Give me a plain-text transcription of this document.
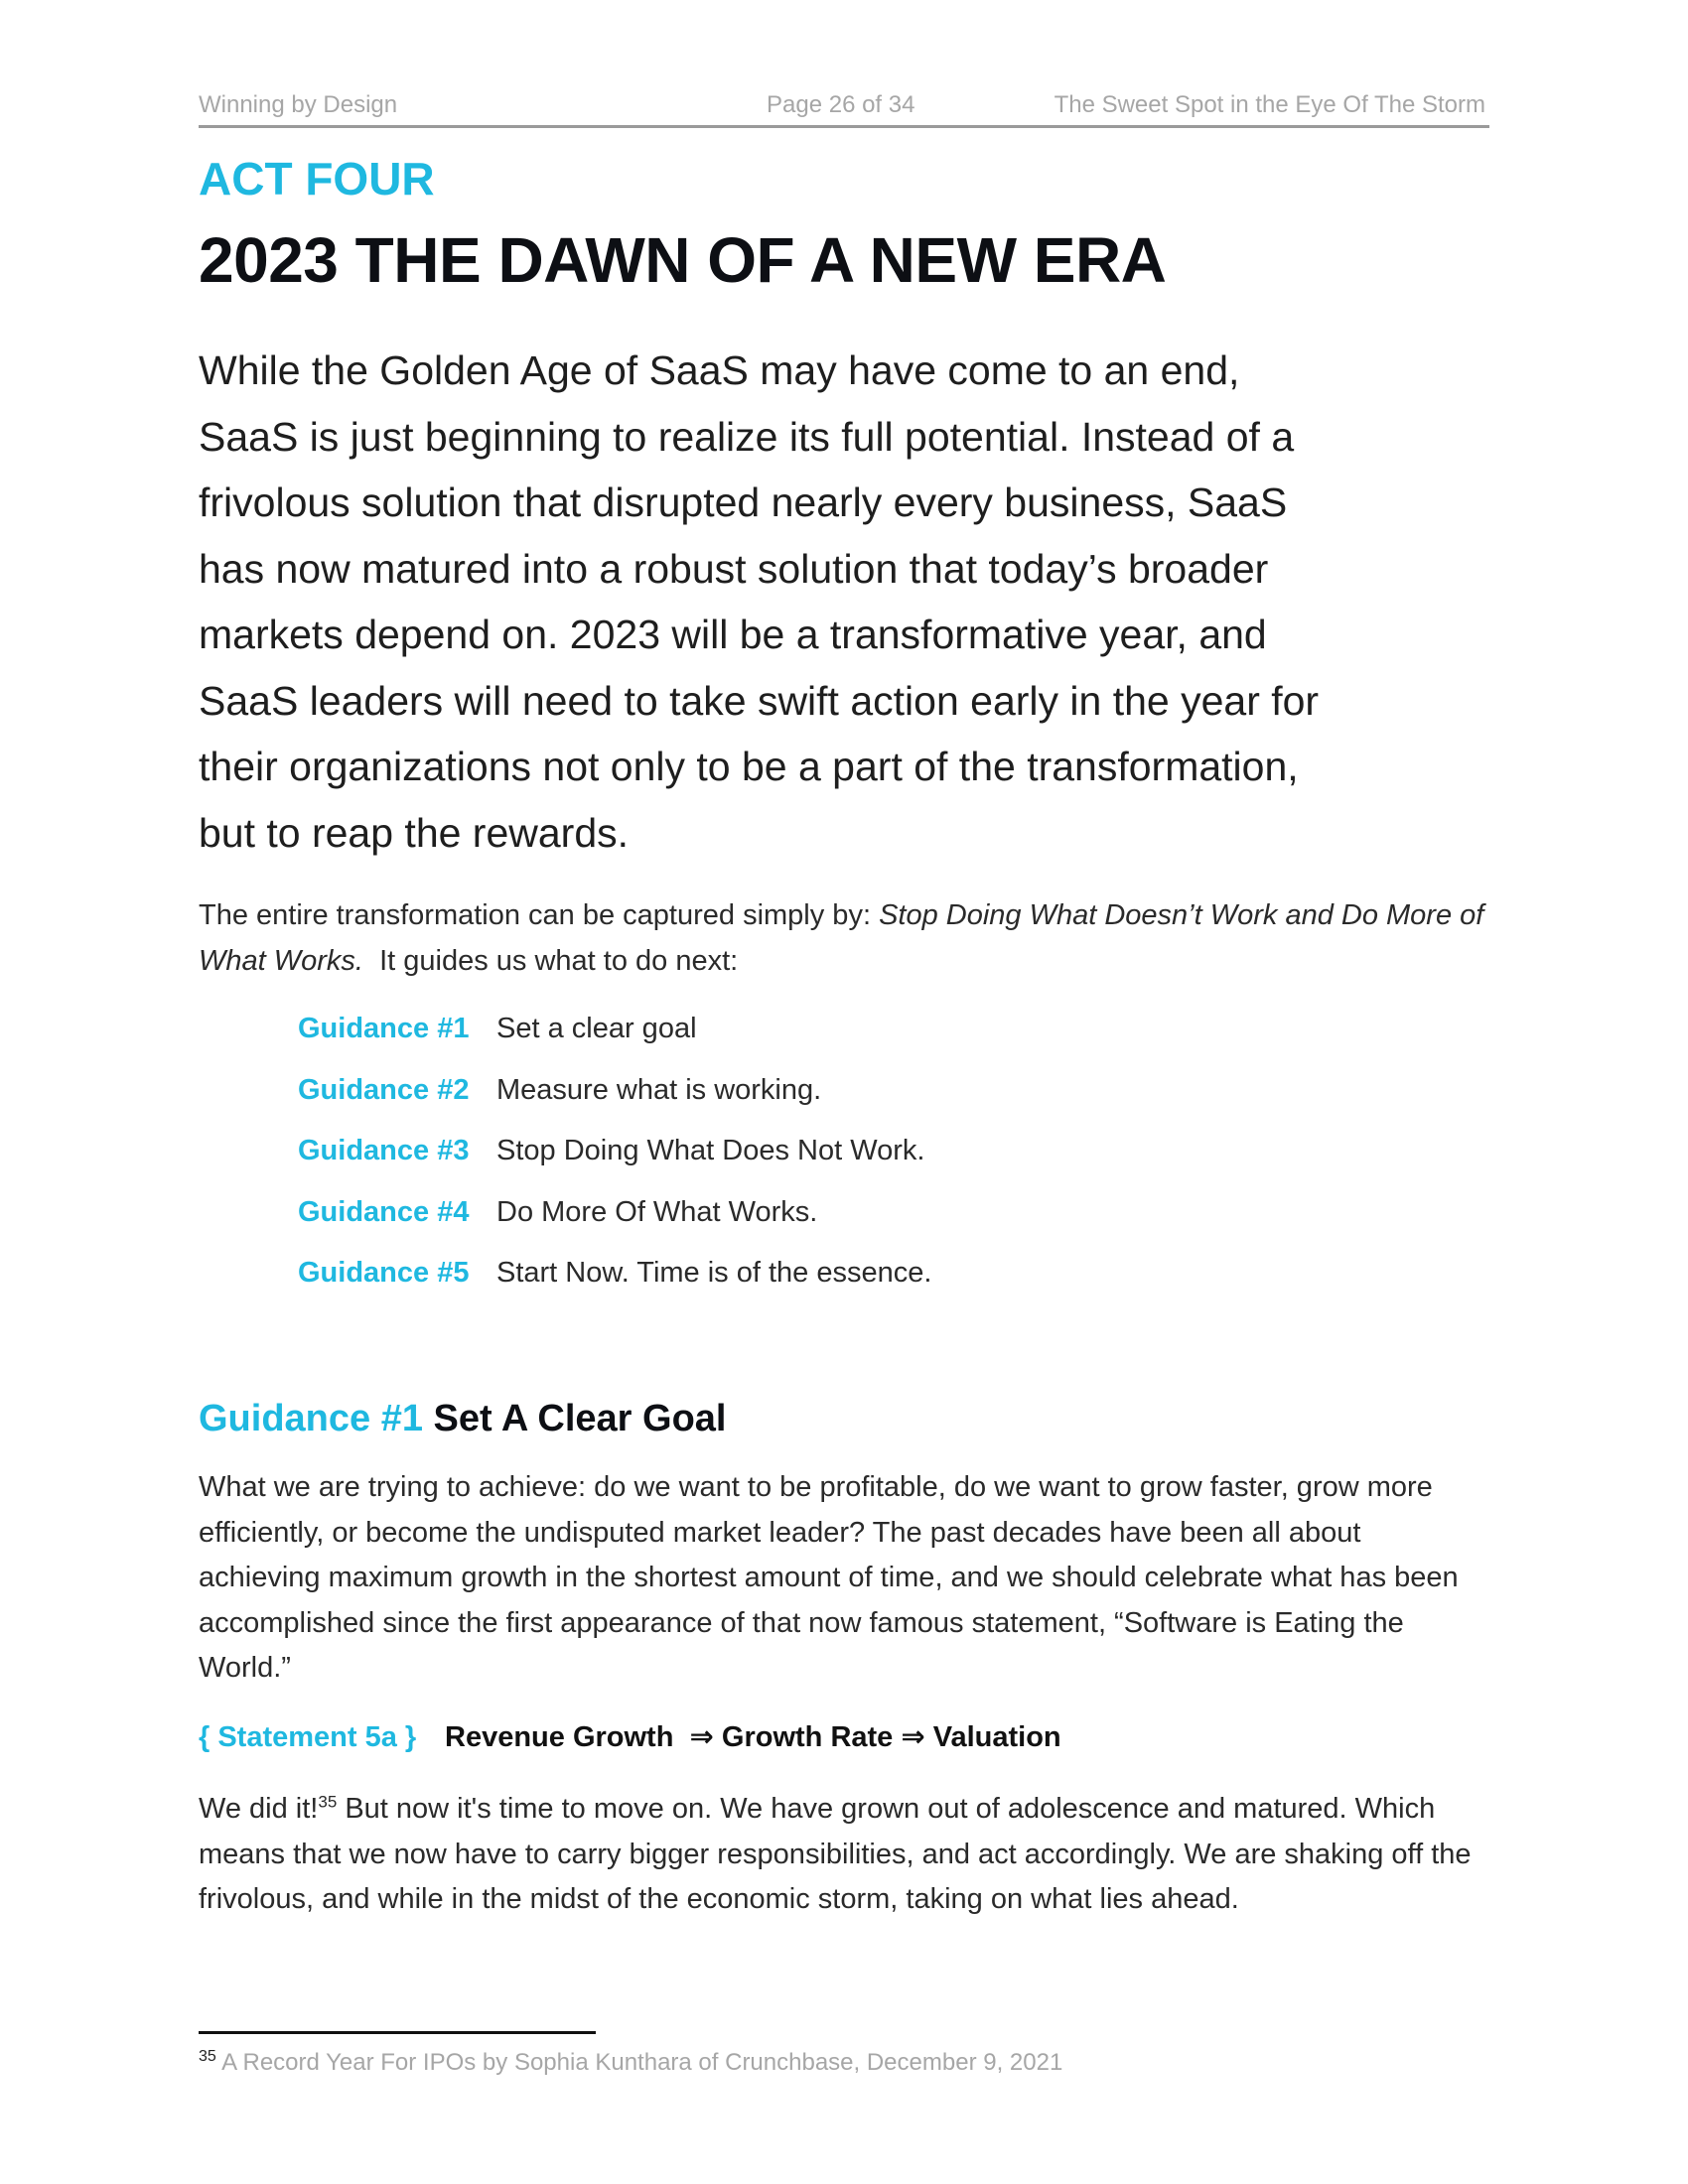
Winning by Design	Page 26 of 34	The Sweet Spot in the Eye Of The Storm
ACT FOUR
2023 THE DAWN OF A NEW ERA

While the Golden Age of SaaS may have come to an end, SaaS is just beginning to realize its full potential. Instead of a frivolous solution that disrupted nearly every business, SaaS has now matured into a robust solution that today’s broader markets depend on. 2023 will be a transformative year, and SaaS leaders will need to take swift action early in the year for their organizations not only to be a part of the transformation, but to reap the rewards.

The entire transformation can be captured simply by: Stop Doing What Doesn’t Work and Do More of What Works.  It guides us what to do next:

Guidance #1 Set a clear goal
Guidance #2 Measure what is working.
Guidance #3 Stop Doing What Does Not Work.
Guidance #4 Do More Of What Works.
Guidance #5 Start Now. Time is of the essence.
Guidance #1 Set A Clear Goal

What we are trying to achieve: do we want to be profitable, do we want to grow faster, grow more efficiently, or become the undisputed market leader? The past decades have been all about achieving maximum growth in the shortest amount of time, and we should celebrate what has been accomplished since the first appearance of that now famous statement, “Software is Eating the World.”

{ Statement 5a } Revenue Growth  ⇒ Growth Rate ⇒ Valuation

We did it!$^{35}$ But now it's time to move on. We have grown out of adolescence and matured. Which means that we now have to carry bigger responsibilities, and act accordingly. We are shaking off the frivolous, and while in the midst of the economic storm, taking on what lies ahead.

$^{35}$ A Record Year For IPOs by Sophia Kunthara of Crunchbase, December 9, 2021
